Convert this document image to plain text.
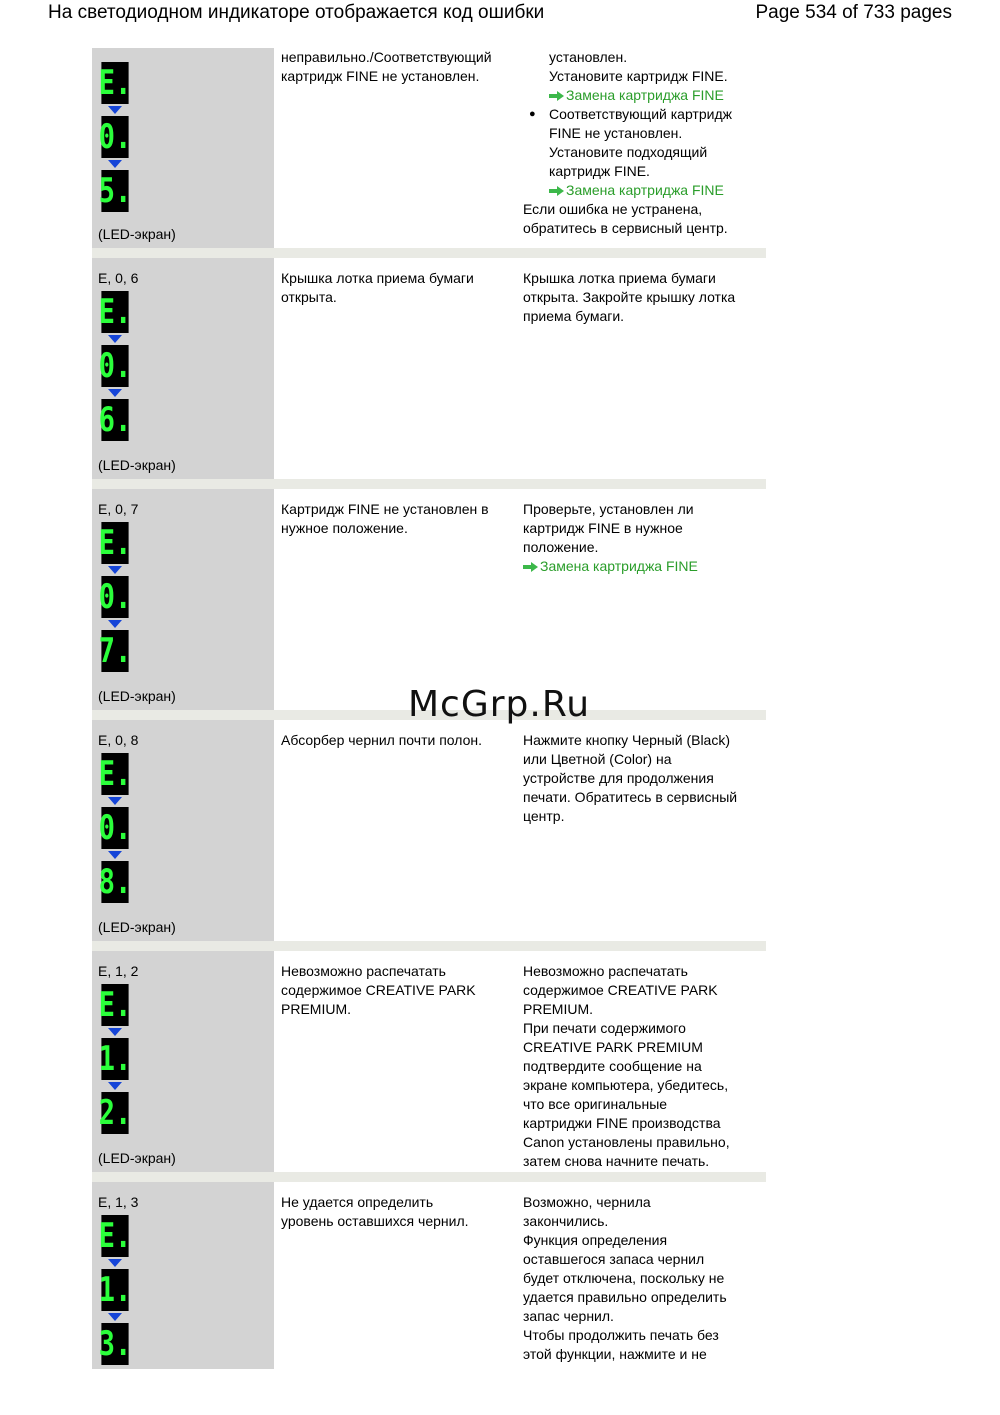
На светодиодном индикаторе отображается код ошибки	Page 534 of 733 pages
E.
0.
5.
(LED-экран)
неправильно./Соответствующий
картридж FINE не установлен.
установлен.
Установите картридж FINE.
Замена картриджа FINE
● Соответствующий картридж
FINE не установлен.
Установите подходящий
картридж FINE.
Замена картриджа FINE
Если ошибка не устранена,
обратитесь в сервисный центр.
E, 0, 6
E.
0.
6.
(LED-экран)
Крышка лотка приема бумаги
открыта.
Крышка лотка приема бумаги
открыта. Закройте крышку лотка
приема бумаги.
E, 0, 7
E.
0.
7.
(LED-экран)
Картридж FINE не установлен в
нужное положение.
Проверьте, установлен ли
картридж FINE в нужное
положение.
Замена картриджа FINE
E, 0, 8
E.
0.
8.
(LED-экран)
Абсорбер чернил почти полон.	Нажмите кнопку Черный (Black)
или Цветной (Color) на
устройстве для продолжения
печати. Обратитесь в сервисный
центр.
E, 1, 2
E.
1.
2.
(LED-экран)
Невозможно распечатать
содержимое CREATIVE PARK
PREMIUM.
Невозможно распечатать
содержимое CREATIVE PARK
PREMIUM.
При печати содержимого
CREATIVE PARK PREMIUM
подтвердите сообщение на
экране компьютера, убедитесь,
что все оригинальные
картриджи FINE производства
Canon установлены правильно,
затем снова начните печать.
E, 1, 3
E.
1.
3.
Не удается определить
уровень оставшихся чернил.
Возможно, чернила
закончились.
Функция определения
оставшегося запаса чернил
будет отключена, поскольку не
удается правильно определить
запас чернил.
Чтобы продолжить печать без
этой функции, нажмите и не
McGrp.Ru
